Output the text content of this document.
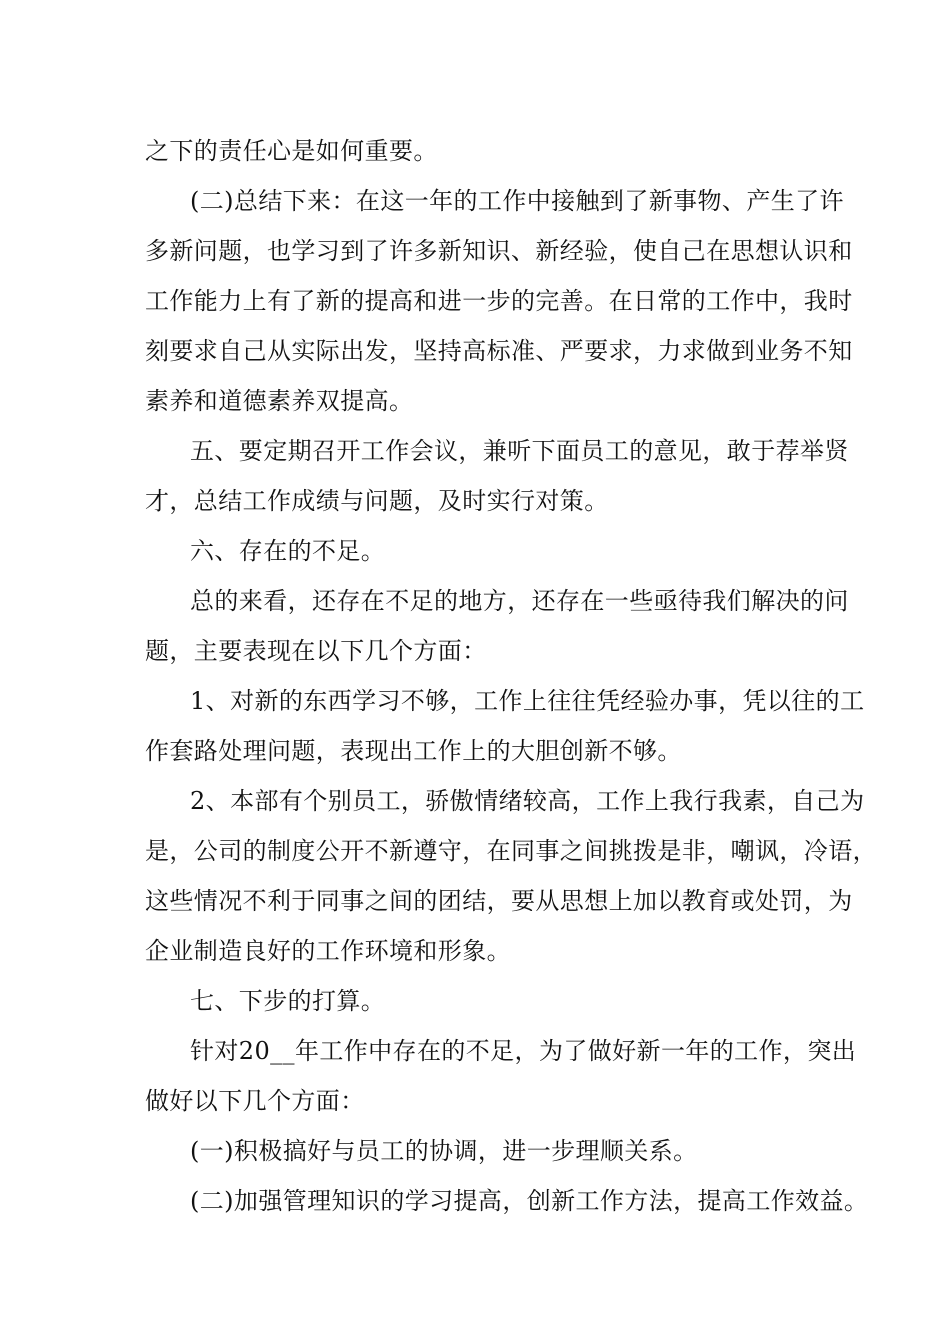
之下的责任心是如何重要。
(二)总结下来：在这一年的工作中接触到了新事物、产生了许
多新问题，也学习到了许多新知识、新经验，使自己在思想认识和
工作能力上有了新的提高和进一步的完善。在日常的工作中，我时
刻要求自己从实际出发，坚持高标准、严要求，力求做到业务不知
素养和道德素养双提高。
五、要定期召开工作会议，兼听下面员工的意见，敢于荐举贤
才，总结工作成绩与问题，及时实行对策。
六、存在的不足。
总的来看，还存在不足的地方，还存在一些亟待我们解决的问
题，主要表现在以下几个方面：
1、对新的东西学习不够，工作上往往凭经验办事，凭以往的工
作套路处理问题，表现出工作上的大胆创新不够。
2、本部有个别员工，骄傲情绪较高，工作上我行我素，自己为
是，公司的制度公开不新遵守，在同事之间挑拨是非，嘲讽，冷语，
这些情况不利于同事之间的团结，要从思想上加以教育或处罚，为
企业制造良好的工作环境和形象。
七、下步的打算。
针对20__年工作中存在的不足，为了做好新一年的工作，突出
做好以下几个方面：
(一)积极搞好与员工的协调，进一步理顺关系。
(二)加强管理知识的学习提高，创新工作方法，提高工作效益。
